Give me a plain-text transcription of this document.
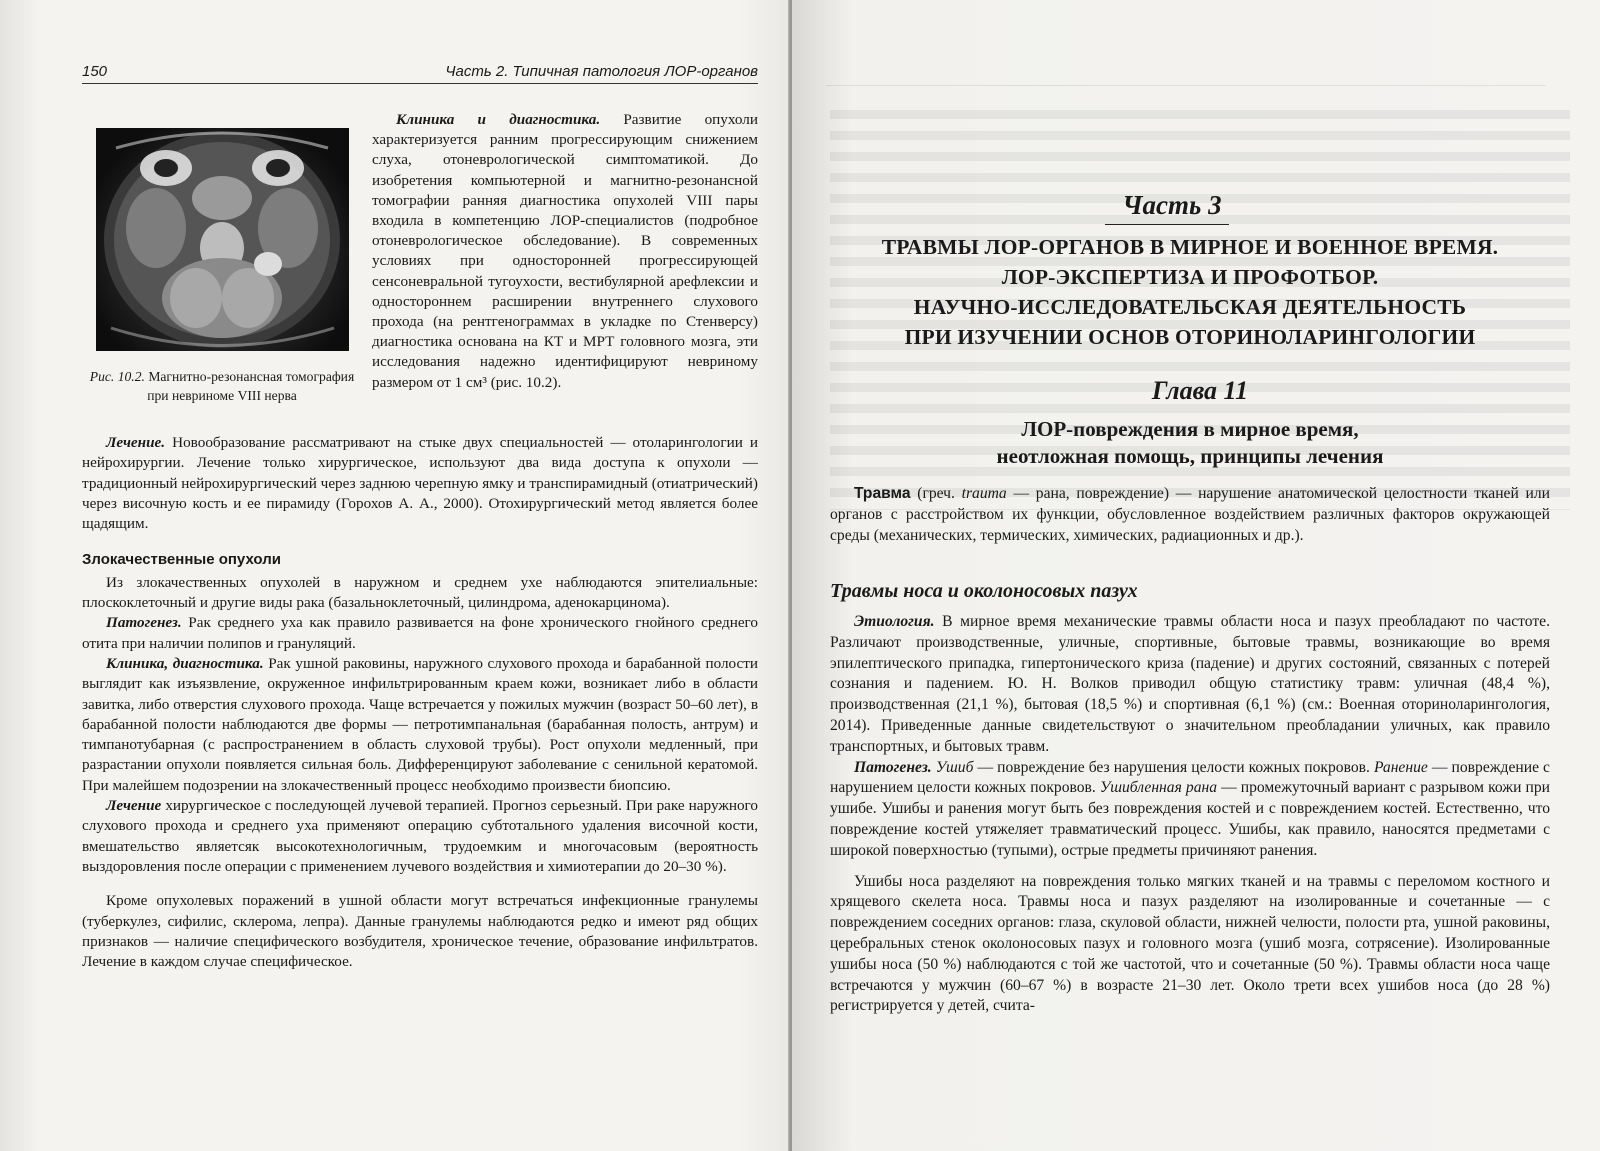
150	Часть 2. Типичная патология ЛОР-органов
Рис. 10.2. Магнитно-резонансная томография при невриноме VIII нерва

Клиника и диагностика. Развитие опухоли характеризуется ранним прогрессирующим снижением слуха, отоневрологической симптоматикой. До изобретения компьютерной и магнитно-резонансной томографии ранняя диагностика опухолей VIII пары входила в компетенцию ЛОР-специалистов (подробное отоневрологическое обследование). В современных условиях при односторонней прогрессирующей сенсоневральной тугоухости, вестибулярной арефлексии и одностороннем расширении внутреннего слухового прохода (на рентгенограммах в укладке по Стенверсу) диагностика основана на КТ и МРТ головного мозга, эти исследования надежно идентифицируют невриному размером от 1 см³ (рис. 10.2).

Лечение. Новообразование рассматривают на стыке двух специальностей — отоларингологии и нейрохирургии. Лечение только хирургическое, используют два вида доступа к опухоли — традиционный нейрохирургический через заднюю черепную ямку и транспирамидный (отиатрический) через височную кость и ее пирамиду (Горохов А. А., 2000). Отохирургический метод является более щадящим.

Злокачественные опухоли

Из злокачественных опухолей в наружном и среднем ухе наблюдаются эпителиальные: плоскоклеточный и другие виды рака (базальноклеточный, цилиндрома, аденокарцинома).

Патогенез. Рак среднего уха как правило развивается на фоне хронического гнойного среднего отита при наличии полипов и грануляций.

Клиника, диагностика. Рак ушной раковины, наружного слухового прохода и барабанной полости выглядит как изъязвление, окруженное инфильтрированным краем кожи, возникает либо в области завитка, либо отверстия слухового прохода. Чаще встречается у пожилых мужчин (возраст 50–60 лет), в барабанной полости наблюдаются две формы — петротимпанальная (барабанная полость, антрум) и тимпанотубарная (с распространением в область слуховой трубы). Рост опухоли медленный, при разрастании опухоли появляется сильная боль. Дифференцируют заболевание с сенильной кератомой. При малейшем подозрении на злокачественный процесс необходимо произвести биопсию.

Лечение хирургическое с последующей лучевой терапией. Прогноз серьезный. При раке наружного слухового прохода и среднего уха применяют операцию субтотального удаления височной кости, вмешательство являетсяк высокотехнологичным, трудоемким и многочасовым (вероятность выздоровления после операции с применением лучевого воздействия и химиотерапии до 20–30 %).

Кроме опухолевых поражений в ушной области могут встречаться инфекционные гранулемы (туберкулез, сифилис, склерома, лепра). Данные гранулемы наблюдаются редко и имеют ряд общих признаков — наличие специфического возбудителя, хроническое течение, образование инфильтратов. Лечение в каждом случае специфическое.

Часть 3
ТРАВМЫ ЛОР-ОРГАНОВ В МИРНОЕ И ВОЕННОЕ ВРЕМЯ.
ЛОР-ЭКСПЕРТИЗА И ПРОФОТБОР.
НАУЧНО-ИССЛЕДОВАТЕЛЬСКАЯ ДЕЯТЕЛЬНОСТЬ
ПРИ ИЗУЧЕНИИ ОСНОВ ОТОРИНОЛАРИНГОЛОГИИ
Глава 11
ЛОР-повреждения в мирное время,
неотложная помощь, принципы лечения

Травма (греч. trauma — рана, повреждение) — нарушение анатомической целостности тканей или органов с расстройством их функции, обусловленное воздействием различных факторов окружающей среды (механических, термических, химических, радиационных и др.).

Травмы носа и околоносовых пазух

Этиология. В мирное время механические травмы области носа и пазух преобладают по частоте. Различают производственные, уличные, спортивные, бытовые травмы, возникающие во время эпилептического припадка, гипертонического криза (падение) и других состояний, связанных с потерей сознания и падением. Ю. Н. Волков приводил общую статистику травм: уличная (48,4 %), производственная (21,1 %), бытовая (18,5 %) и спортивная (6,1 %) (см.: Военная оториноларингология, 2014). Приведенные данные свидетельствуют о значительном преобладании уличных, как правило транспортных, и бытовых травм.

Патогенез. Ушиб — повреждение без нарушения целости кожных покровов. Ранение — повреждение с нарушением целости кожных покровов. Ушибленная рана — промежуточный вариант с разрывом кожи при ушибе. Ушибы и ранения могут быть без повреждения костей и с повреждением костей. Естественно, что повреждение костей утяжеляет травматический процесс. Ушибы, как правило, наносятся предметами с широкой поверхностью (тупыми), острые предметы причиняют ранения.

Ушибы носа разделяют на повреждения только мягких тканей и на травмы с переломом костного и хрящевого скелета носа. Травмы носа и пазух разделяют на изолированные и сочетанные — с повреждением соседних органов: глаза, скуловой области, нижней челюсти, полости рта, ушной раковины, церебральных стенок околоносовых пазух и головного мозга (ушиб мозга, сотрясение). Изолированные ушибы носа (50 %) наблюдаются с той же частотой, что и сочетанные (50 %). Травмы области носа чаще встречаются у мужчин (60–67 %) в возрасте 21–30 лет. Около трети всех ушибов носа (до 28 %) регистрируется у детей, счита-
